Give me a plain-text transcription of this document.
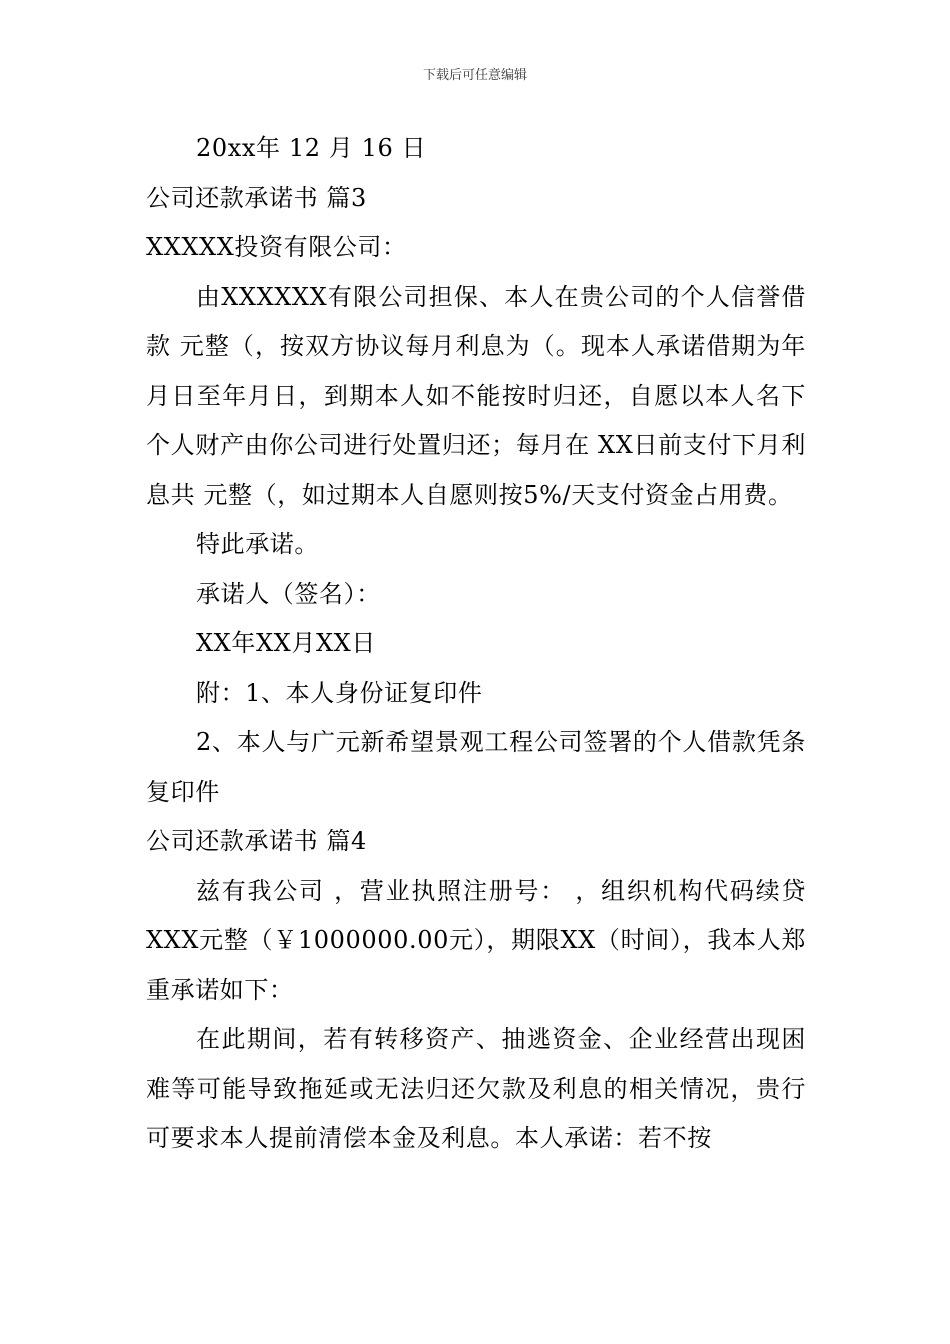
下载后可任意编辑
20xx年 12 月 16 日
公司还款承诺书 篇3
XXXXX投资有限公司：
由XXXXXX有限公司担保、本人在贵公司的个人信誉借款 元整（，按双方协议每月利息为（。现本人承诺借期为年月日至年月日，到期本人如不能按时归还，自愿以本人名下个人财产由你公司进行处置归还；每月在 XX日前支付下月利息共 元整（，如过期本人自愿则按5%/天支付资金占用费。
特此承诺。
承诺人（签名）：
XX年XX月XX日
附：1、本人身份证复印件
2、本人与广元新希望景观工程公司签署的个人借款凭条复印件
公司还款承诺书 篇4
兹有我公司 ，营业执照注册号： ，组织机构代码续贷 XXX元整（￥1000000.00元），期限XX（时间），我本人郑重承诺如下：
在此期间，若有转移资产、抽逃资金、企业经营出现困难等可能导致拖延或无法归还欠款及利息的相关情况，贵行可要求本人提前清偿本金及利息。本人承诺：若不按
